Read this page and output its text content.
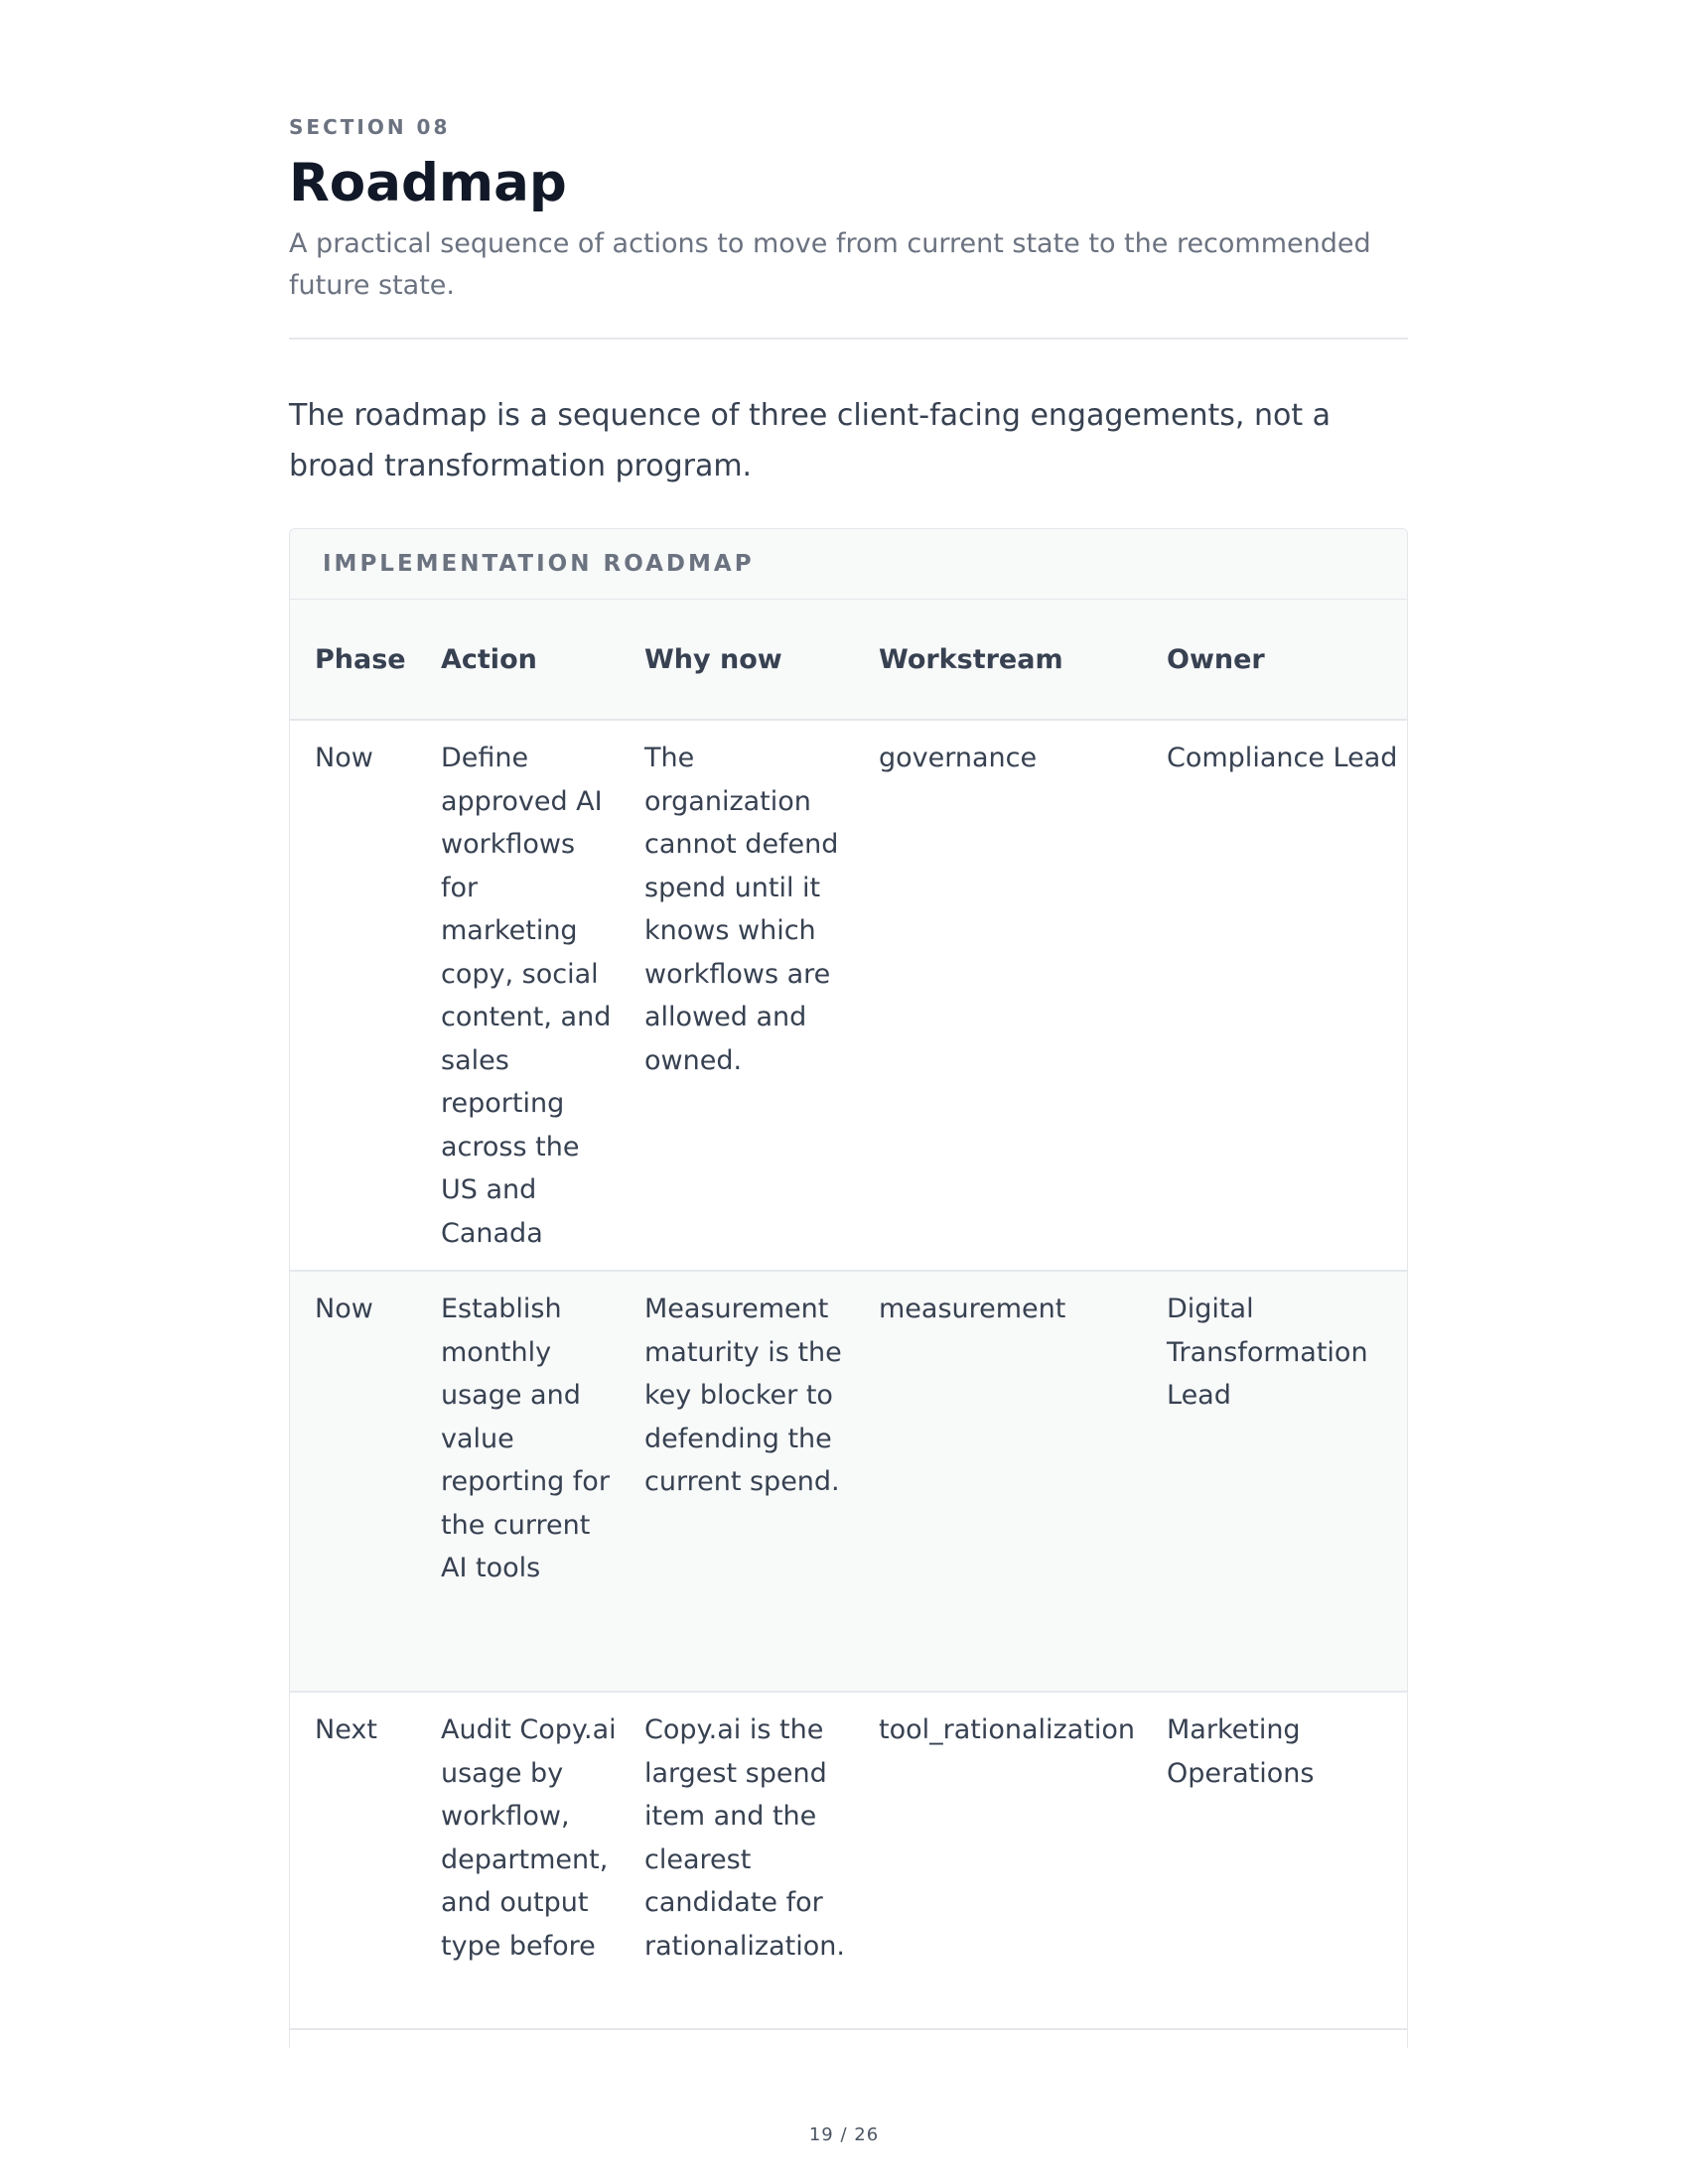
SECTION 08
Roadmap
A practical sequence of actions to move from current state to the recommended future state.
The roadmap is a sequence of three client-facing engagements, not a broad transformation program.
IMPLEMENTATION ROADMAP
Phase	Action	Why now	Workstream	Owner

Now	Define approved AI workflows for marketing copy, social content, and sales reporting across the US and Canada	The organization cannot defend spend until it knows which workflows are allowed and owned.	governance	Compliance Lead

Now	Establish monthly usage and value reporting for the current AI tools	Measurement maturity is the key blocker to defending the current spend.	measurement	Digital Transformation Lead

Next	Audit Copy.ai usage by workflow, department, and output type before	Copy.ai is the largest spend item and the clearest candidate for rationalization.	tool_rationalization	Marketing Operations
19 / 26
